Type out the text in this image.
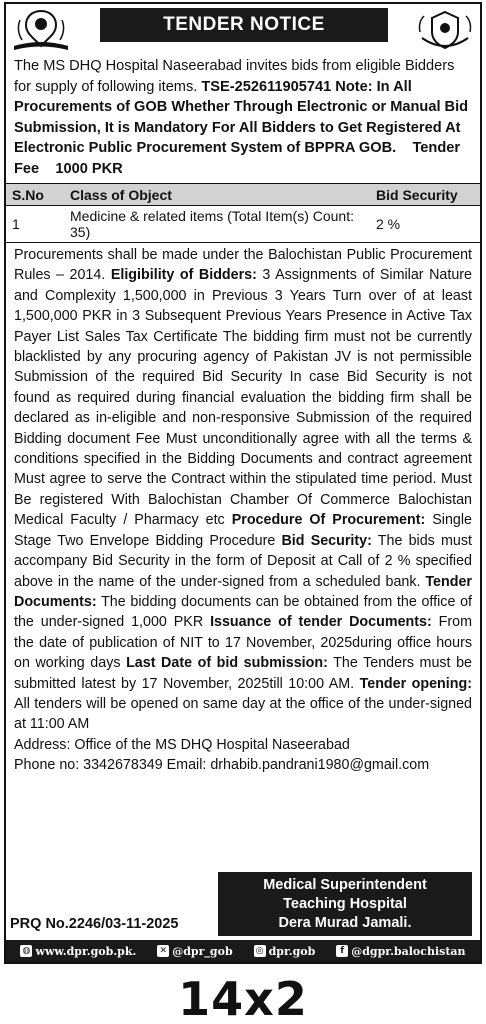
TENDER NOTICE
The MS DHQ Hospital Naseerabad invites bids from eligible Bidders for supply of following items. TSE-252611905741 Note: In All Procurements of GOB Whether Through Electronic or Manual Bid Submission, It is Mandatory For All Bidders to Get Registered At Electronic Public Procurement System of BPPRA GOB. Tender Fee 1000 PKR
S.No	Class of Object	Bid Security
1	Medicine & related items (Total Item(s) Count: 35)	2 %
Procurements shall be made under the Balochistan Public Procurement Rules – 2014. Eligibility of Bidders: 3 Assignments of Similar Nature and Complexity 1,500,000 in Previous 3 Years Turn over of at least 1,500,000 PKR in 3 Subsequent Previous Years Presence in Active Tax Payer List Sales Tax Certificate The bidding firm must not be currently blacklisted by any procuring agency of Pakistan JV is not permissible Submission of the required Bid Security In case Bid Security is not found as required during financial evaluation the bidding firm shall be declared as in-eligible and non-responsive Submission of the required Bidding document Fee Must unconditionally agree with all the terms & conditions specified in the Bidding Documents and contract agreement Must agree to serve the Contract within the stipulated time period. Must Be registered With Balochistan Chamber Of Commerce Balochistan Medical Faculty / Pharmacy etc Procedure Of Procurement: Single Stage Two Envelope Bidding Procedure Bid Security: The bids must accompany Bid Security in the form of Deposit at Call of 2 % specified above in the name of the under-signed from a scheduled bank. Tender Documents: The bidding documents can be obtained from the office of the under-signed 1,000 PKR Issuance of tender Documents: From the date of publication of NIT to 17 November, 2025during office hours on working days Last Date of bid submission: The Tenders must be submitted latest by 17 November, 2025till 10:00 AM. Tender opening: All tenders will be opened on same day at the office of the under-signed at 11:00 AM
Address: Office of the MS DHQ Hospital Naseerabad
Phone no: 3342678349 Email: drhabib.pandrani1980@gmail.com
Medical Superintendent
Teaching Hospital
Dera Murad Jamali.
PRQ No.2246/03-11-2025
◍ www.dpr.gob.pk.	✕ @dpr_gob	◎ dpr.gob	f @dgpr.balochistan
14x2
